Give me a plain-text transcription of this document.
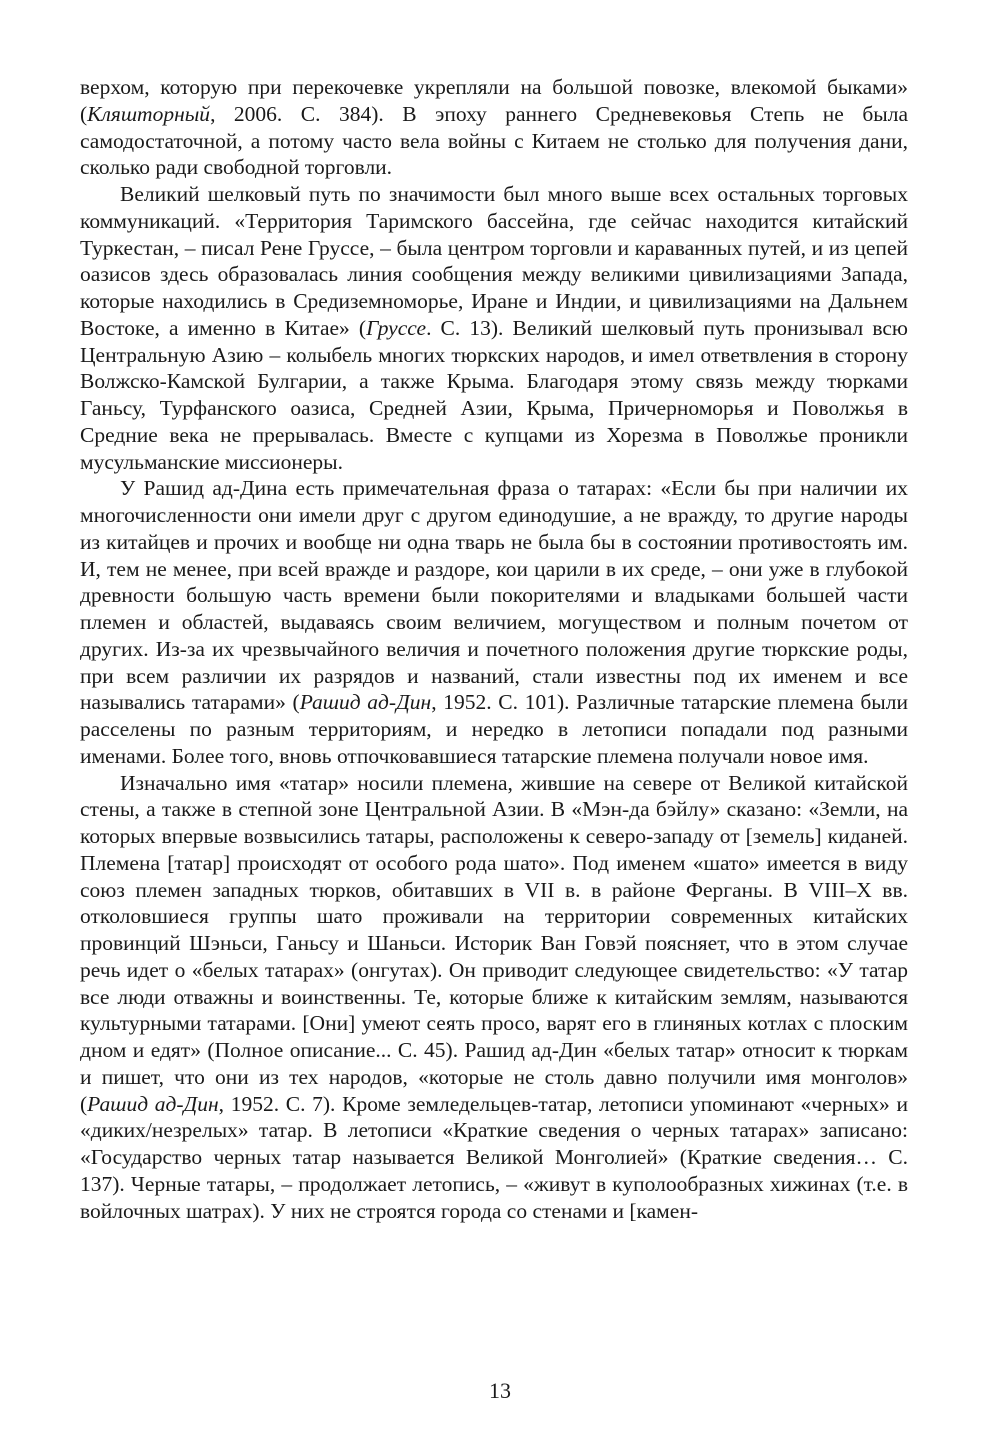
верхом, которую при перекочевке укрепляли на большой повозке, влекомой быками» (Кляшторный, 2006. С. 384). В эпоху раннего Средневековья Степь не была самодостаточной, а потому часто вела войны с Китаем не столько для получения дани, сколько ради свободной торговли.

Великий шелковый путь по значимости был много выше всех остальных торговых коммуникаций. «Территория Таримского бассейна, где сейчас находится китайский Туркестан, – писал Рене Груссе, – была центром торговли и караванных путей, и из цепей оазисов здесь образовалась линия сообщения между великими цивилизациями Запада, которые находились в Средиземноморье, Иране и Индии, и цивилизациями на Дальнем Востоке, а именно в Китае» (Груссе. С. 13). Великий шелковый путь пронизывал всю Центральную Азию – колыбель многих тюркских народов, и имел ответвления в сторону Волжско-Камской Булгарии, а также Крыма. Благодаря этому связь между тюрками Ганьсу, Турфанского оазиса, Средней Азии, Крыма, Причерноморья и Поволжья в Средние века не прерывалась. Вместе с купцами из Хорезма в Поволжье проникли мусульманские миссионеры.

У Рашид ад-Дина есть примечательная фраза о татарах: «Если бы при наличии их многочисленности они имели друг с другом единодушие, а не вражду, то другие народы из китайцев и прочих и вообще ни одна тварь не была бы в состоянии противостоять им. И, тем не менее, при всей вражде и раздоре, кои царили в их среде, – они уже в глубокой древности большую часть времени были покорителями и владыками большей части племен и областей, выдаваясь своим величием, могуществом и полным почетом от других. Из-за их чрезвычайного величия и почетного положения другие тюркские роды, при всем различии их разрядов и названий, стали известны под их именем и все назывались татарами» (Рашид ад-Дин, 1952. С. 101). Различные татарские племена были расселены по разным территориям, и нередко в летописи попадали под разными именами. Более того, вновь отпочковавшиеся татарские племена получали новое имя.

Изначально имя «татар» носили племена, жившие на севере от Великой китайской стены, а также в степной зоне Центральной Азии. В «Мэн-да бэйлу» сказано: «Земли, на которых впервые возвысились татары, расположены к северо-западу от [земель] киданей. Племена [татар] происходят от особого рода шато». Под именем «шато» имеется в виду союз племен западных тюрков, обитавших в VII в. в районе Ферганы. В VIII–X вв. отколовшиеся группы шато проживали на территории современных китайских провинций Шэньси, Ганьсу и Шаньси. Историк Ван Говэй поясняет, что в этом случае речь идет о «белых татарах» (онгутах). Он приводит следующее свидетельство: «У татар все люди отважны и воинственны. Те, которые ближе к китайским землям, называются культурными татарами. [Они] умеют сеять просо, варят его в глиняных котлах с плоским дном и едят» (Полное описание... С. 45). Рашид ад-Дин «белых татар» относит к тюркам и пишет, что они из тех народов, «которые не столь давно получили имя монголов» (Рашид ад-Дин, 1952. С. 7). Кроме земледельцев-татар, летописи упоминают «черных» и «диких/незрелых» татар. В летописи «Краткие сведения о черных татарах» записано: «Государство черных татар называется Великой Монголией» (Краткие сведения… С. 137). Черные татары, – продолжает летопись, – «живут в куполообразных хижинах (т.е. в войлочных шатрах). У них не строятся города со стенами и [камен-

13
